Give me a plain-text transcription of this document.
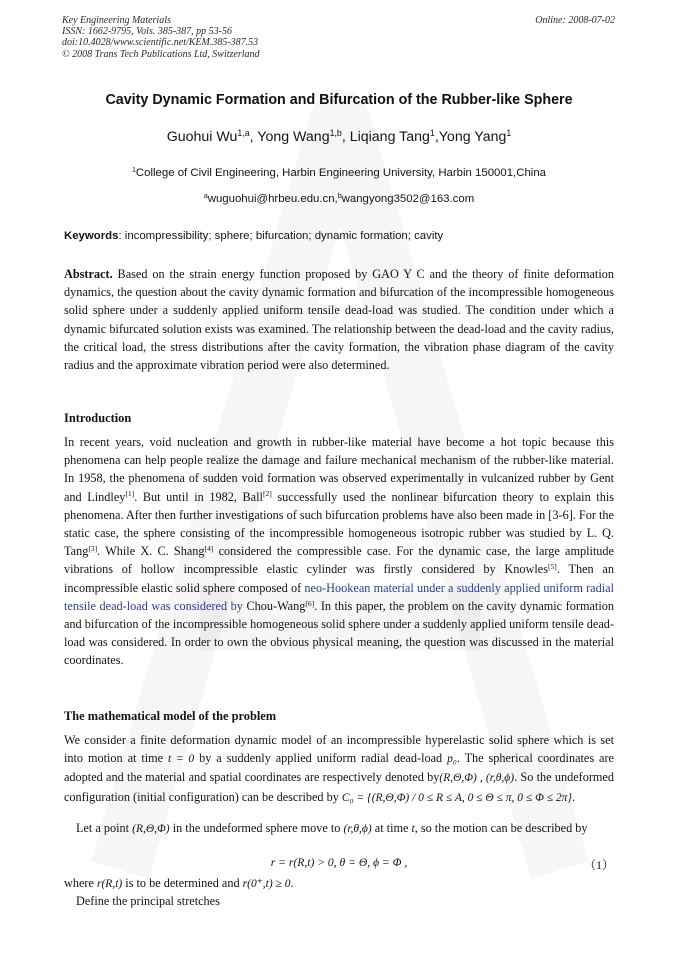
Key Engineering Materials
ISSN: 1662-9795, Vols. 385-387, pp 53-56
doi:10.4028/www.scientific.net/KEM.385-387.53
© 2008 Trans Tech Publications Ltd, Switzerland
Online: 2008-07-02
Cavity Dynamic Formation and Bifurcation of the Rubber-like Sphere
Guohui Wu$^{1,a}$, Yong Wang$^{1,b}$, Liqiang Tang$^1$,Yong Yang$^1$
$^1$College of Civil Engineering, Harbin Engineering University, Harbin 150001,China
$^a$wuguohui@hrbeu.edu.cn,$^b$wangyong3502@163.com
Keywords: incompressibility; sphere; bifurcation; dynamic formation; cavity
Abstract. Based on the strain energy function proposed by GAO Y C and the theory of finite deformation dynamics, the question about the cavity dynamic formation and bifurcation of the incompressible homogeneous solid sphere under a suddenly applied uniform tensile dead-load was studied. The condition under which a dynamic bifurcated solution exists was examined. The relationship between the dead-load and the cavity radius, the critical load, the stress distributions after the cavity formation, the vibration phase diagram of the cavity radius and the approximate vibration period were also determined.
Introduction
In recent years, void nucleation and growth in rubber-like material have become a hot topic because this phenomena can help people realize the damage and failure mechanical mechanism of the rubber-like material. In 1958, the phenomena of sudden void formation was observed experimentally in vulcanized rubber by Gent and Lindley[1]. But until in 1982, Ball[2] successfully used the nonlinear bifurcation theory to explain this phenomena. After then further investigations of such bifurcation problems have also been made in [3-6]. For the static case, the sphere consisting of the incompressible homogeneous isotropic rubber was studied by L. Q. Tang[3]. While X. C. Shang[4] considered the compressible case. For the dynamic case, the large amplitude vibrations of hollow incompressible elastic cylinder was firstly considered by Knowles[5]. Then an incompressible elastic solid sphere composed of neo-Hookean material under a suddenly applied uniform radial tensile dead-load was considered by Chou-Wang[6]. In this paper, the problem on the cavity dynamic formation and bifurcation of the incompressible homogeneous solid sphere under a suddenly applied uniform tensile dead-load was considered. In order to own the obvious physical meaning, the question was discussed in the material coordinates.
The mathematical model of the problem
We consider a finite deformation dynamic model of an incompressible hyperelastic solid sphere which is set into motion at time t = 0 by a suddenly applied uniform radial dead-load p₀. The spherical coordinates are adopted and the material and spatial coordinates are respectively denoted by(R,Θ,Φ) , (r,θ,ϕ). So the undeformed configuration (initial configuration) can be described by C₀ = {(R,Θ,Φ) / 0 ≤ R ≤ A, 0 ≤ Θ ≤ π, 0 ≤ Φ ≤ 2π}.
Let a point (R,Θ,Φ) in the undeformed sphere move to (r,θ,ϕ) at time t, so the motion can be described by
r = r(R,t) > 0, θ = Θ, ϕ = Φ ,	（1）
where r(R,t) is to be determined and r(0⁺,t) ≥ 0.
Define the principal stretches
